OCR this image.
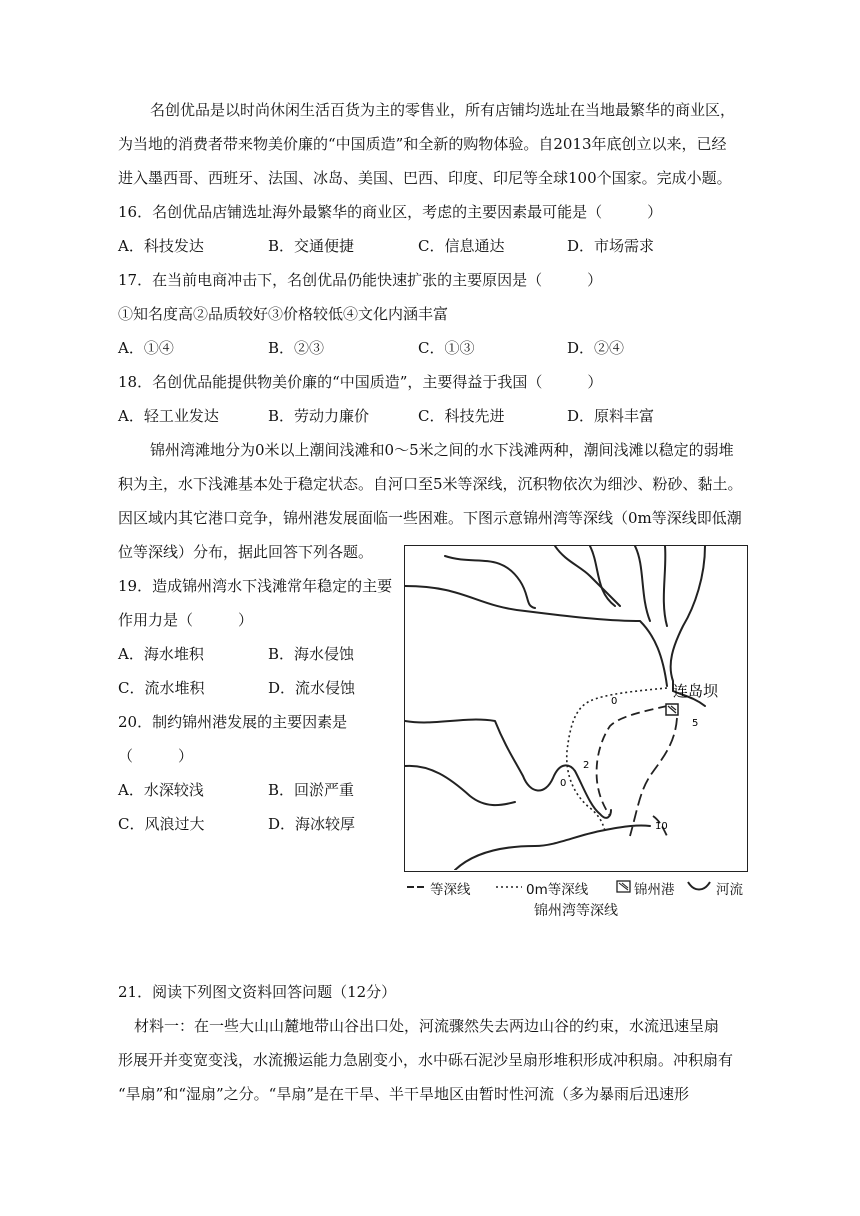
名创优品是以时尚休闲生活百货为主的零售业，所有店铺均选址在当地最繁华的商业区，
为当地的消费者带来物美价廉的“中国质造”和全新的购物体验。自2013年底创立以来，已经
进入墨西哥、西班牙、法国、冰岛、美国、巴西、印度、印尼等全球100个国家。完成小题。
16．名创优品店铺选址海外最繁华的商业区，考虑的主要因素最可能是（　　　）
A．科技发达	B．交通便捷	C．信息通达	D．市场需求
17．在当前电商冲击下，名创优品仍能快速扩张的主要原因是（　　　）
①知名度高②品质较好③价格较低④文化内涵丰富
A．①④	B．②③	C．①③	D．②④
18．名创优品能提供物美价廉的“中国质造”，主要得益于我国（　　　）
A．轻工业发达	B．劳动力廉价	C．科技先进	D．原料丰富
锦州湾滩地分为0米以上潮间浅滩和0～5米之间的水下浅滩两种，潮间浅滩以稳定的弱堆
积为主，水下浅滩基本处于稳定状态。自河口至5米等深线，沉积物依次为细沙、粉砂、黏土。
因区域内其它港口竞争，锦州港发展面临一些困难。下图示意锦州湾等深线（0m等深线即低潮
位等深线）分布，据此回答下列各题。
19．造成锦州湾水下浅滩常年稳定的主要
作用力是（　　　）
A．海水堆积	B．海水侵蚀
C．流水堆积	D．流水侵蚀
20．制约锦州港发展的主要因素是
（　　　）
A．水深较浅	B．回淤严重
C．风浪过大	D．海冰较厚
连岛坝
0
2
0
5
10
等深线	0m等深线	锦州港	河流
锦州湾等深线
21．阅读下列图文资料回答问题（12分）
材料一：在一些大山山麓地带山谷出口处，河流骤然失去两边山谷的约束，水流迅速呈扇
形展开并变宽变浅，水流搬运能力急剧变小，水中砾石泥沙呈扇形堆积形成冲积扇。冲积扇有
“旱扇”和“湿扇”之分。“旱扇”是在干旱、半干旱地区由暂时性河流（多为暴雨后迅速形
